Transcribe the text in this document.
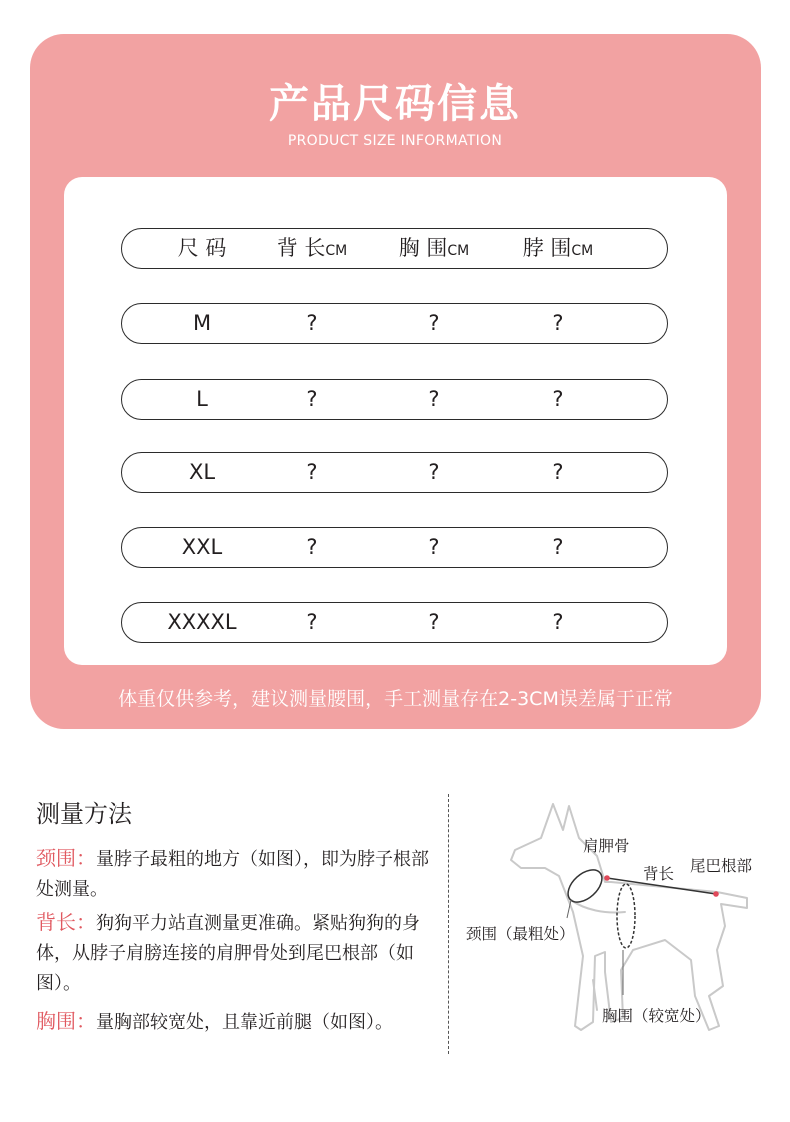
产品尺码信息
PRODUCT SIZE INFORMATION
尺 码	背 长CM	胸 围CM	脖 围CM
M	?	?	?
L	?	?	?
XL	?	?	?
XXL	?	?	?
XXXXL	?	?	?
体重仅供参考，建议测量腰围，手工测量存在2-3CM误差属于正常
测量方法
颈围：量脖子最粗的地方（如图），即为脖子根部处测量。
背长：狗狗平力站直测量更准确。紧贴狗狗的身体，从脖子肩膀连接的肩胛骨处到尾巴根部（如图）。
胸围：量胸部较宽处，且靠近前腿（如图）。
肩胛骨
背长 尾巴根部
颈围（最粗处）
胸围（较宽处）
